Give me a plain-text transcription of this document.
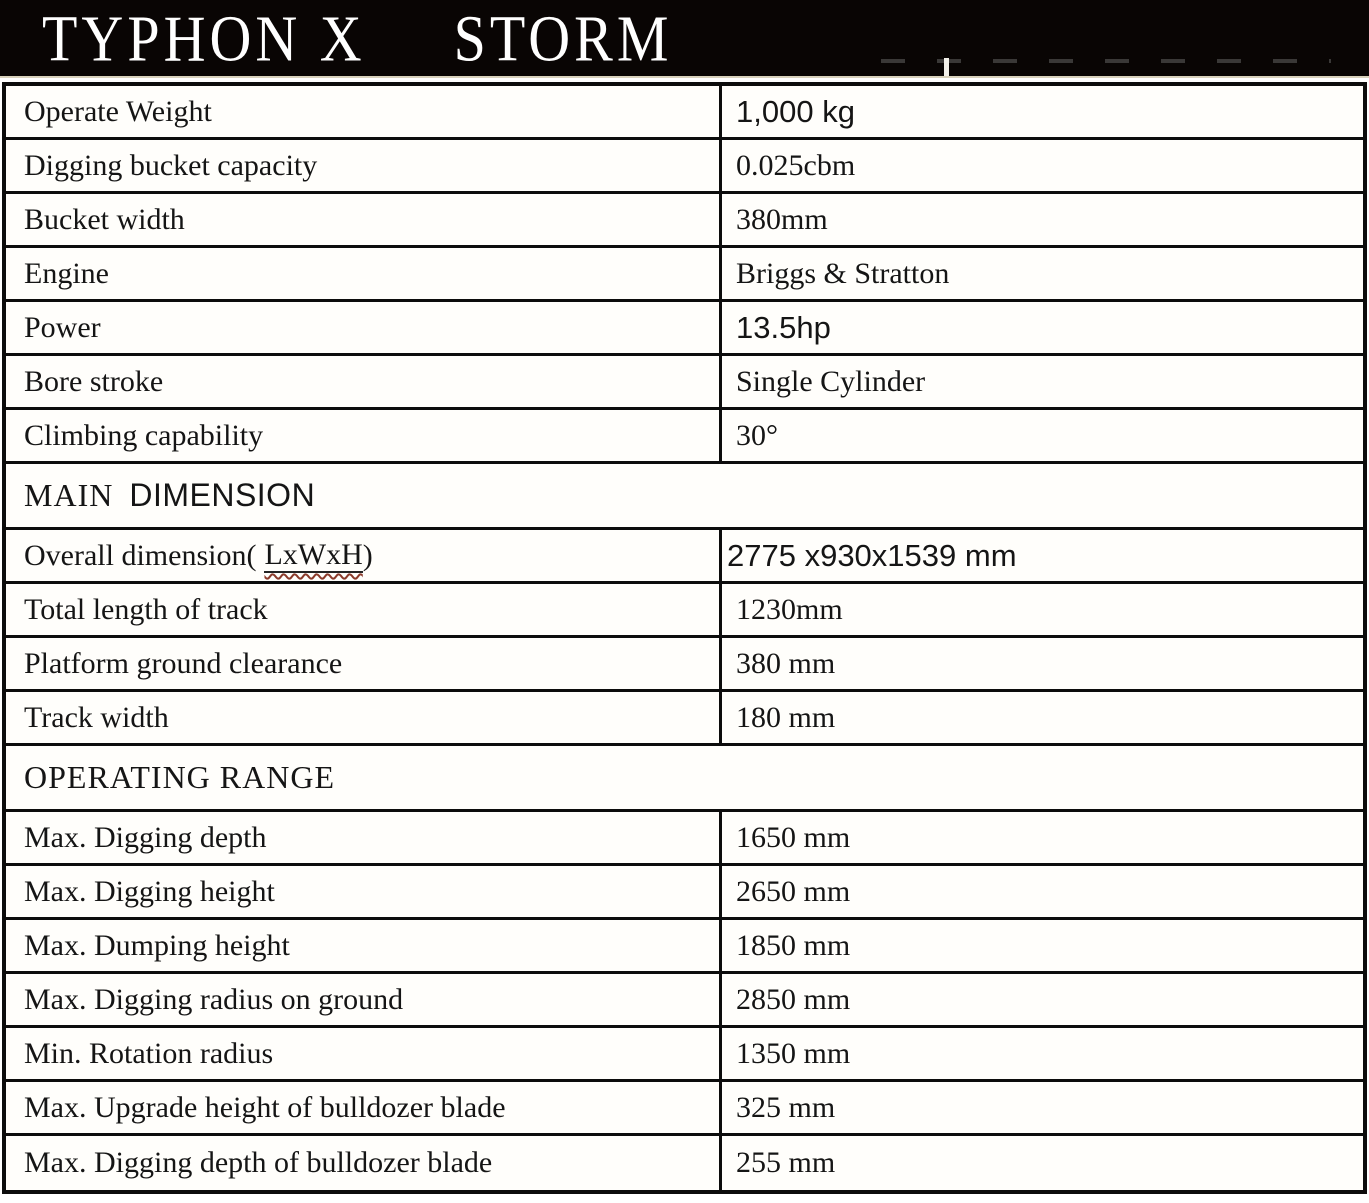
TYPHON X STORM
Operate Weight	1,000 kg
Digging bucket capacity	0.025cbm
Bucket width	380mm
Engine	Briggs & Stratton
Power	13.5hp
Bore stroke	Single Cylinder
Climbing capability	30°
MAIN DIMENSION
Overall dimension( LxWxH )	2775 x930x1539 mm
Total length of track	1230mm
Platform ground clearance	380 mm
Track width	180 mm
OPERATING RANGE
Max. Digging depth	1650 mm
Max. Digging height	2650 mm
Max. Dumping height	1850 mm
Max. Digging radius on ground	2850 mm
Min. Rotation radius	1350 mm
Max. Upgrade height of bulldozer blade	325 mm
Max. Digging depth of bulldozer blade	255 mm
